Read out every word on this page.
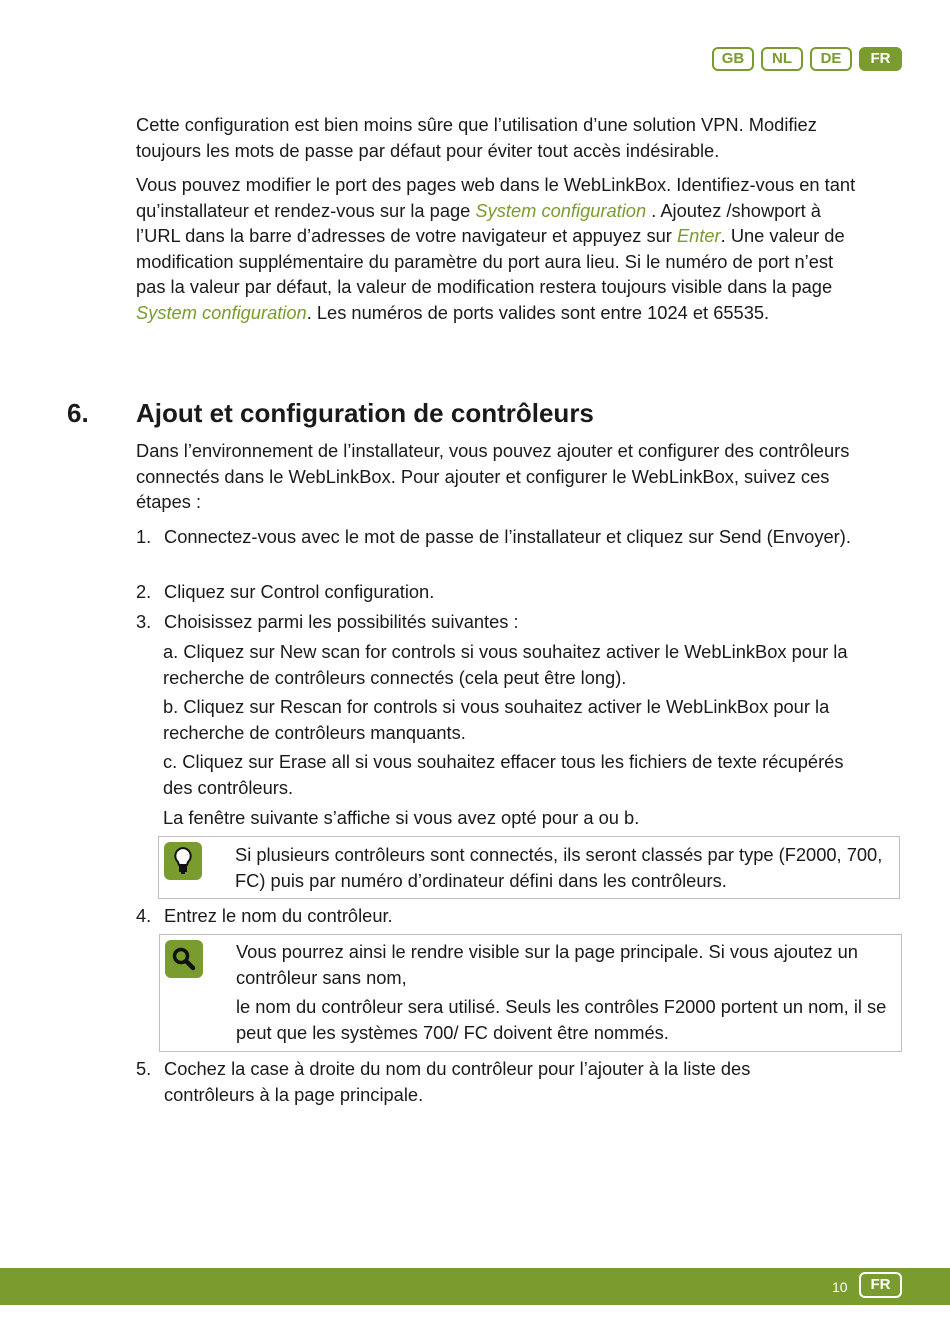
GB	NL	DE	FR

Cette configuration est bien moins sûre que l’utilisation d’une solution VPN. Modifiez toujours les mots de passe par défaut pour éviter tout accès indésirable.

Vous pouvez modifier le port des pages web dans le WebLinkBox. Identifiez-vous en tant qu’installateur et rendez-vous sur la page System configuration . Ajoutez /showport à l’URL dans la barre d’adresses de votre navigateur et appuyez sur Enter. Une valeur de modification supplémentaire du paramètre du port aura lieu. Si le numéro de port n’est pas la valeur par défaut, la valeur de modification restera toujours visible dans la page System configuration. Les numéros de ports valides sont entre 1024 et 65535.

6. Ajout et configuration de contrôleurs

Dans l’environnement de l’installateur, vous pouvez ajouter et configurer des contrôleurs connectés dans le WebLinkBox. Pour ajouter et configurer le WebLinkBox, suivez ces étapes :

1. Connectez-vous avec le mot de passe de l’installateur et cliquez sur Send (Envoyer).
2. Cliquez sur Control configuration.
3. Choisissez parmi les possibilités suivantes :
a. Cliquez sur New scan for controls si vous souhaitez activer le WebLinkBox pour la recherche de contrôleurs connectés (cela peut être long).
b. Cliquez sur Rescan for controls si vous souhaitez activer le WebLinkBox pour la recherche de contrôleurs manquants.
c. Cliquez sur Erase all si vous souhaitez effacer tous les fichiers de texte récupérés des contrôleurs.
La fenêtre suivante s’affiche si vous avez opté pour a ou b.
Si plusieurs contrôleurs sont connectés, ils seront classés par type (F2000, 700, FC) puis par numéro d’ordinateur défini dans les contrôleurs.
4. Entrez le nom du contrôleur.
Vous pourrez ainsi le rendre visible sur la page principale. Si vous ajoutez un contrôleur sans nom,
le nom du contrôleur sera utilisé. Seuls les contrôles F2000 portent un nom, il se peut que les systèmes 700/ FC doivent être nommés.
5. Cochez la case à droite du nom du contrôleur pour l’ajouter à la liste des contrôleurs à la page principale.
10	FR
